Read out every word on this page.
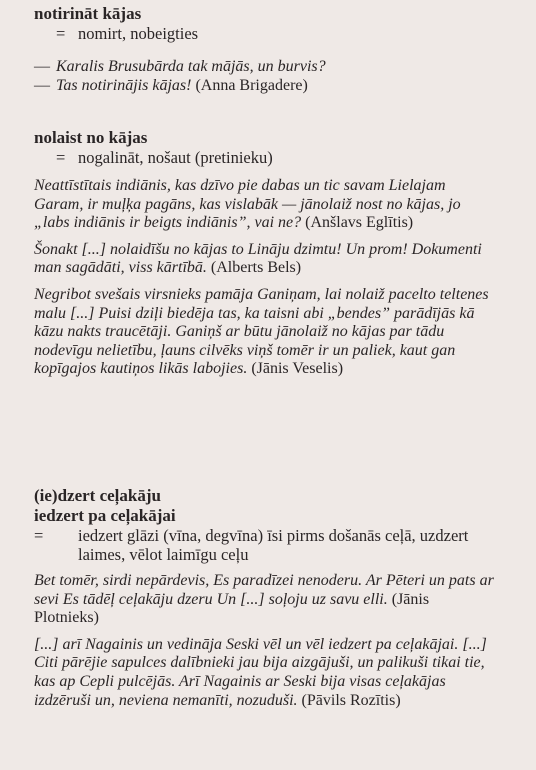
notirināt kājas
= nomirt, nobeigties
— Karalis Brusubārda tak mājās, un burvis?
— Tas notirinājis kājas! (Anna Brigadere)
nolaist no kājas
= nogalināt, nošaut (pretinieku)
Neattīstītais indiānis, kas dzīvo pie dabas un tic savam Lielajam Garam, ir muļķa pagāns, kas vislabāk — jānolaiž nost no kājas, jo „labs indiānis ir beigts indiānis”, vai ne? (Anšlavs Eglītis)
Šonakt [...] nolaidīšu no kājas to Lināju dzimtu! Un prom! Dokumenti man sagādāti, viss kārtībā. (Alberts Bels)
Negribot svešais virsnieks pamāja Ganiņam, lai nolaiž pacelto teltenes malu [...] Puisi dziļi biedēja tas, ka taisni abi „bendes” parādījās kā kāzu nakts traucētāji. Ganiņš ar būtu jānolaiž no kājas par tādu nodevīgu nelietību, ļauns cilvēks viņš tomēr ir un paliek, kaut gan kopīgajos kautiņos likās labojies. (Jānis Veselis)
(ie)dzert ceļakāju
iedzert pa ceļakājai
= iedzert glāzi (vīna, degvīna) īsi pirms došanās ceļā, uzdzert laimes, vēlot laimīgu ceļu
Bet tomēr, sirdi nepārdevis, Es paradīzei nenoderu. Ar Pēteri un pats ar sevi Es tādēļ ceļakāju dzeru Un [...] soļoju uz savu elli. (Jānis Plotnieks)
[...] arī Nagainis un vedināja Seski vēl un vēl iedzert pa ceļakājai. [...] Citi pārējie sapulces dalībnieki jau bija aizgājuši, un palikuši tikai tie, kas ap Cepli pulcējās. Arī Nagainis ar Seski bija visas ceļakājas izdzēruši un, neviena nemanīti, nozuduši. (Pāvils Rozītis)
